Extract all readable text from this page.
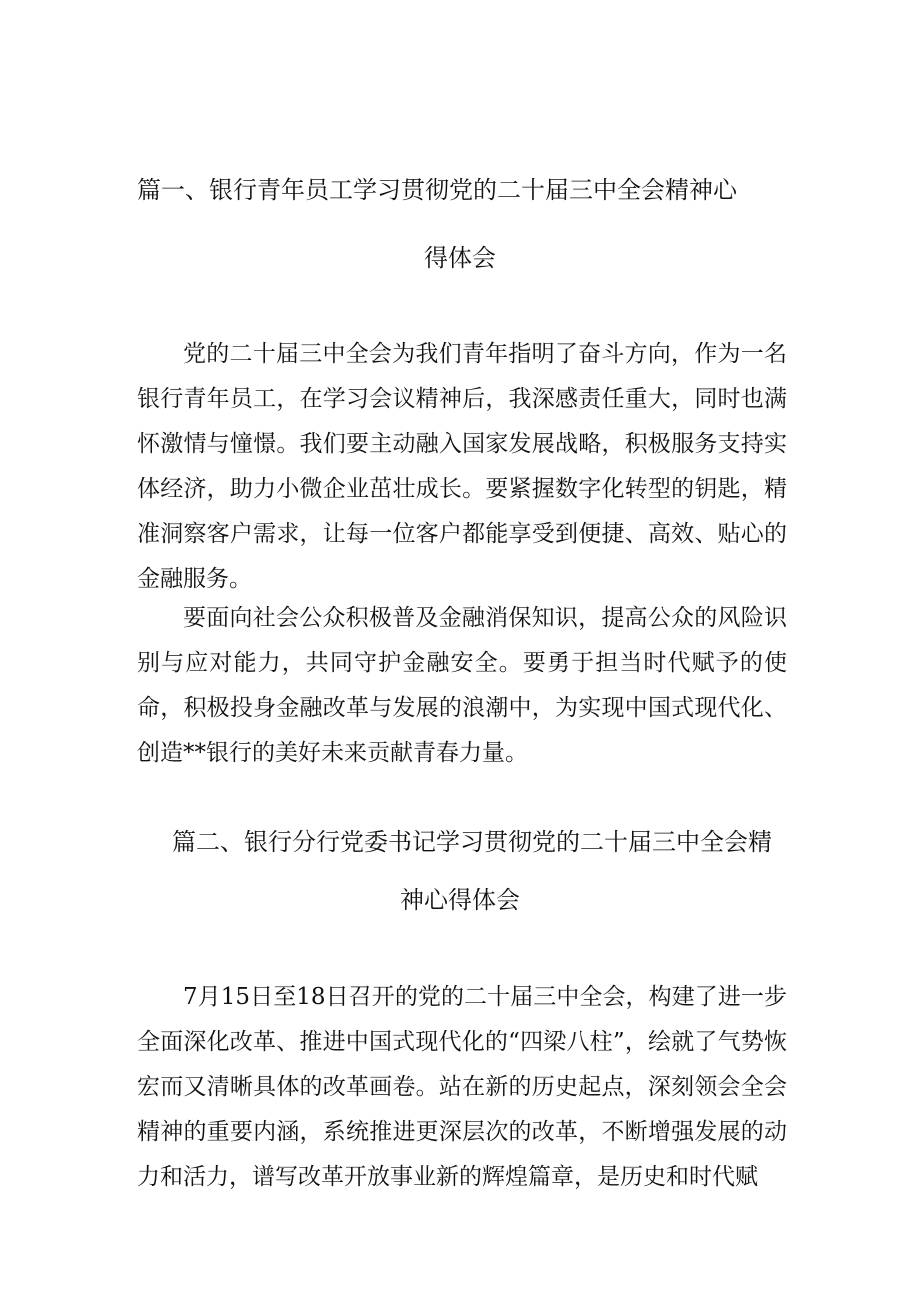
篇一、银行青年员工学习贯彻党的二十届三中全会精神心
得体会
党的二十届三中全会为我们青年指明了奋斗方向，作为一名银行青年员工，在学习会议精神后，我深感责任重大，同时也满怀激情与憧憬。我们要主动融入国家发展战略，积极服务支持实体经济，助力小微企业茁壮成长。要紧握数字化转型的钥匙，精准洞察客户需求，让每一位客户都能享受到便捷、高效、贴心的金融服务。
要面向社会公众积极普及金融消保知识，提高公众的风险识别与应对能力，共同守护金融安全。要勇于担当时代赋予的使命，积极投身金融改革与发展的浪潮中，为实现中国式现代化、创造**银行的美好未来贡献青春力量。
篇二、银行分行党委书记学习贯彻党的二十届三中全会精
神心得体会
7月15日至18日召开的党的二十届三中全会，构建了进一步全面深化改革、推进中国式现代化的“四梁八柱”，绘就了气势恢宏而又清晰具体的改革画卷。站在新的历史起点，深刻领会全会精神的重要内涵，系统推进更深层次的改革，不断增强发展的动力和活力，谱写改革开放事业新的辉煌篇章，是历史和时代赋
